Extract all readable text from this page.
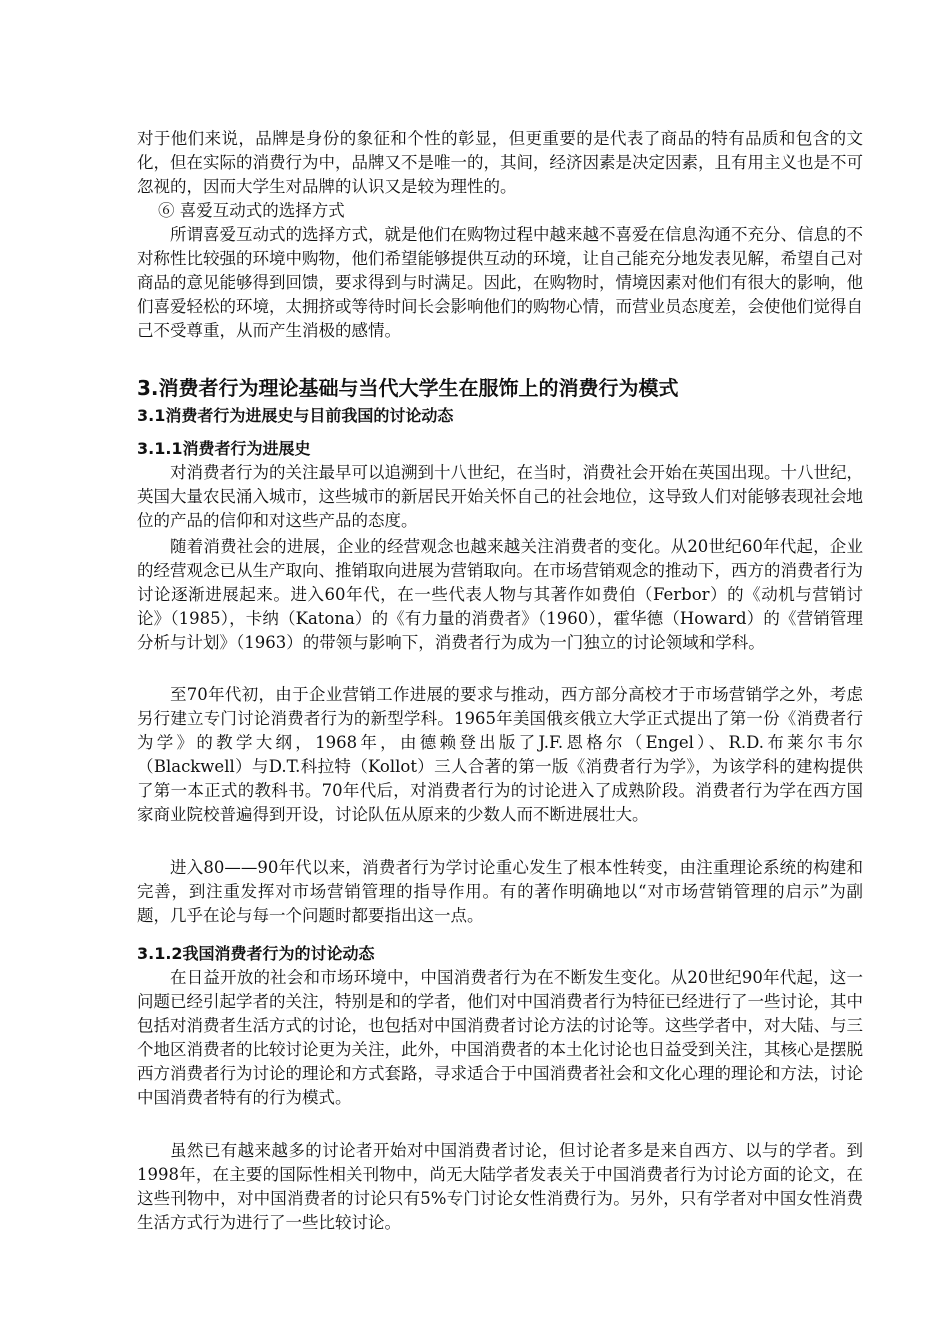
对于他们来说，品牌是身份的象征和个性的彰显，但更重要的是代表了商品的特有品质和包含的文化，但在实际的消费行为中，品牌又不是唯一的，其间，经济因素是决定因素，且有用主义也是不可忽视的，因而大学生对品牌的认识又是较为理性的。

⑥ 喜爱互动式的选择方式

所谓喜爱互动式的选择方式，就是他们在购物过程中越来越不喜爱在信息沟通不充分、信息的不对称性比较强的环境中购物，他们希望能够提供互动的环境，让自己能充分地发表见解，希望自己对商品的意见能够得到回馈，要求得到与时满足。因此，在购物时，情境因素对他们有很大的影响，他们喜爱轻松的环境，太拥挤或等待时间长会影响他们的购物心情，而营业员态度差，会使他们觉得自己不受尊重，从而产生消极的感情。

3.消费者行为理论基础与当代大学生在服饰上的消费行为模式
3.1消费者行为进展史与目前我国的讨论动态
3.1.1消费者行为进展史

对消费者行为的关注最早可以追溯到十八世纪，在当时，消费社会开始在英国出现。十八世纪，英国大量农民涌入城市，这些城市的新居民开始关怀自己的社会地位，这导致人们对能够表现社会地位的产品的信仰和对这些产品的态度。

随着消费社会的进展，企业的经营观念也越来越关注消费者的变化。从20世纪60年代起，企业的经营观念已从生产取向、推销取向进展为营销取向。在市场营销观念的推动下，西方的消费者行为讨论逐渐进展起来。进入60年代，在一些代表人物与其著作如费伯（Ferbor）的《动机与营销讨论》（1985），卡纳（Katona）的《有力量的消费者》（1960），霍华德（Howard）的《营销管理分析与计划》（1963）的带领与影响下，消费者行为成为一门独立的讨论领域和学科。

至70年代初，由于企业营销工作进展的要求与推动，西方部分高校才于市场营销学之外，考虑另行建立专门讨论消费者行为的新型学科。1965年美国俄亥俄立大学正式提出了第一份《消费者行为学》的教学大纲，1968年，由德赖登出版了J.F.恩格尔（Engel）、R.D.布莱尔韦尔（Blackwell）与D.T.科拉特（Kollot）三人合著的第一版《消费者行为学》，为该学科的建构提供了第一本正式的教科书。70年代后，对消费者行为的讨论进入了成熟阶段。消费者行为学在西方国家商业院校普遍得到开设，讨论队伍从原来的少数人而不断进展壮大。

进入80——90年代以来，消费者行为学讨论重心发生了根本性转变，由注重理论系统的构建和完善，到注重发挥对市场营销管理的指导作用。有的著作明确地以“对市场营销管理的启示”为副题，几乎在论与每一个问题时都要指出这一点。

3.1.2我国消费者行为的讨论动态

在日益开放的社会和市场环境中，中国消费者行为在不断发生变化。从20世纪90年代起，这一问题已经引起学者的关注，特别是和的学者，他们对中国消费者行为特征已经进行了一些讨论，其中包括对消费者生活方式的讨论，也包括对中国消费者讨论方法的讨论等。这些学者中，对大陆、与三个地区消费者的比较讨论更为关注，此外，中国消费者的本土化讨论也日益受到关注，其核心是摆脱西方消费者行为讨论的理论和方式套路，寻求适合于中国消费者社会和文化心理的理论和方法，讨论中国消费者特有的行为模式。

虽然已有越来越多的讨论者开始对中国消费者讨论，但讨论者多是来自西方、以与的学者。到1998年，在主要的国际性相关刊物中，尚无大陆学者发表关于中国消费者行为讨论方面的论文，在这些刊物中，对中国消费者的讨论只有5%专门讨论女性消费行为。另外，只有学者对中国女性消费生活方式行为进行了一些比较讨论。
